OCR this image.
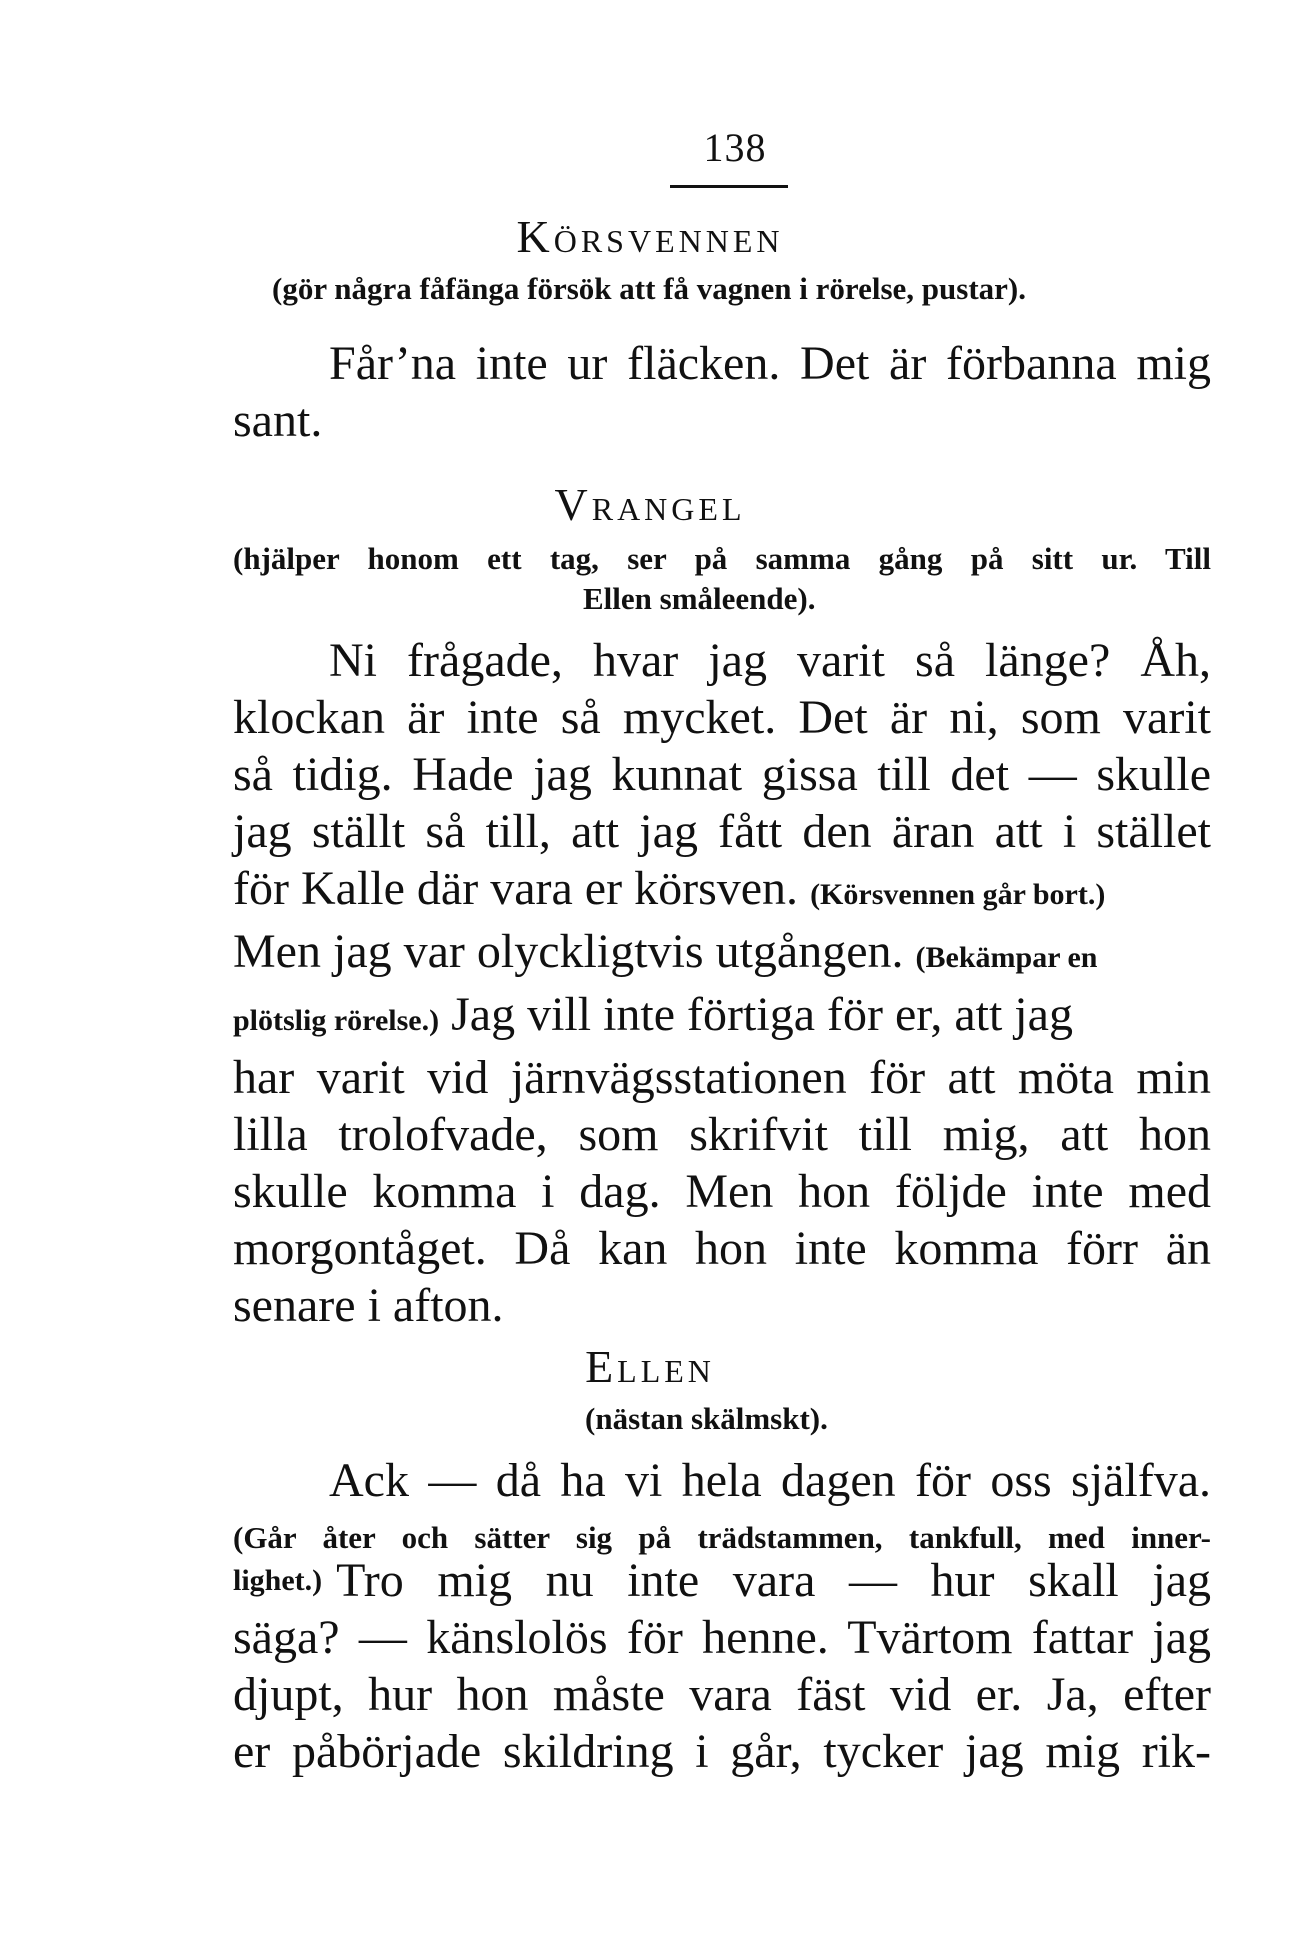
138
Körsvennen
(gör några fåfänga försök att få vagnen i rörelse, pustar).
Får’na inte ur fläcken. Det är förbanna mig
sant.
Vrangel
(hjälper honom ett tag, ser på samma gång på sitt ur. Till
Ellen småleende).
Ni frågade, hvar jag varit så länge? Åh,
klockan är inte så mycket. Det är ni, som varit
så tidig. Hade jag kunnat gissa till det — skulle
jag ställt så till, att jag fått den äran att i stället
för Kalle där vara er körsven. (Körsvennen går bort.)
Men jag var olyckligtvis utgången. (Bekämpar en
plötslig rörelse.) Jag vill inte förtiga för er, att jag
har varit vid järnvägsstationen för att möta min
lilla trolofvade, som skrifvit till mig, att hon
skulle komma i dag. Men hon följde inte med
morgontåget. Då kan hon inte komma förr än
senare i afton.
Ellen
(nästan skälmskt).
Ack — då ha vi hela dagen för oss själfva.
(Går åter och sätter sig på trädstammen, tankfull, med inner-
lighet.) Tro mig nu inte vara — hur skall jag
säga? — känslolös för henne. Tvärtom fattar jag
djupt, hur hon måste vara fäst vid er. Ja, efter
er påbörjade skildring i går, tycker jag mig rik-
